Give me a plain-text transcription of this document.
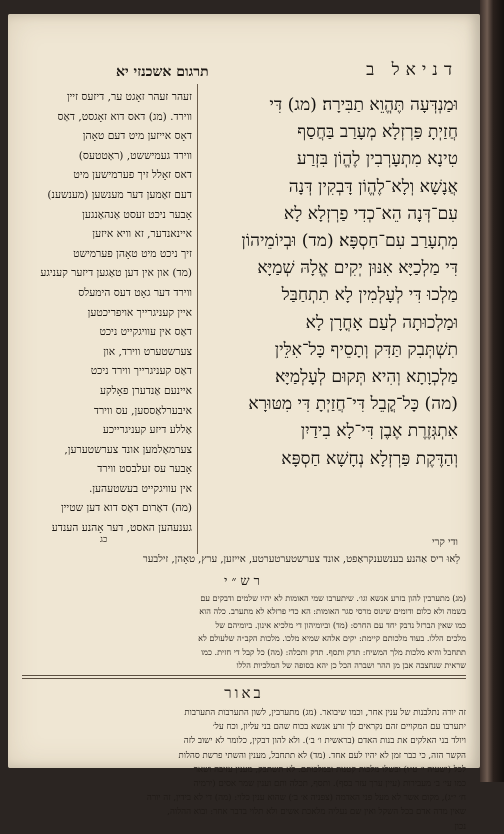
דניאל ב
תרגום אשכנזי יא
וּמַנְדְּעָה תֶּהֱוֵא תַבִּירָה׃ (מג) דִּי
חֲזַיְתָ פַּרְזְלָא מְעָרַב בַּחֲסַף
טִינָא מִתְעָרְבִין לֶהֱוֹן בִּזְרַע
אֲנָשָׁא וְלָא־לֶהֱוֹן דָּבְקִין דְּנָה
עִם־דְּנָה הֵא־כְדִי פַרְזְלָא לָא
מִתְעָרַב עִם־חַסְפָּא׃ (מד) וּבְיוֹמֵיהוֹן
דִּי מַלְכַיָּא אִנּוּן יְקִים אֱלָהּ שְׁמַיָּא
מַלְכוּ דִּי לְעָלְמִין לָא תִתְחַבַּל
וּמַלְכוּתָה לְעַם אָחֳרָן לָא
תִשְׁתְּבִק תַּדִּק וְתָסֵיף כָּל־אִלֵּין
מַלְכְוָתָא וְהִיא תְּקוּם לְעָלְמַיָּא׃
(מה) כָּל־קֳבֵל דִּי־חֲזַיְתָ דִּי מִטּוּרָא
אִתְגְּזֶרֶת אֶבֶן דִּי־לָא בִידַיִן
וְהַדֶּקֶת פַּרְזְלָא נְחָשָׁא חַסְפָּא
זעהר זעהר זאָגט ער, דיזעס זיין
ווירד. (מג) דאס דוא זאָגסט, דאַס
דאָס אייזען מיט דעם טאָהן
ווירד געמיששט, (ראַטטעס)
דאס זאָלל זיך פערמישען מיט
דעם זאַמען דער מענשען (מענשענ)
אָבער ניכט זעסט אַנהאַנגען
איינאנדער, זא וויא איזען
זיך ניכט מיט טאָהן פערמישט
(מד) און אין דען טאַגען דיזער קעניגע
ווירד דער גאָט דעס הימעלס
איין קעניגרייך אויפריכטען
דאַס אין עוויגקייט ניכט
צערשטערט ווירד, און
דאַס קעניגרייך ווירד ניכט
איינעם אַנדערן פאָלקע
איבערלאַססען, עס ווירד
אַללע דיזע קעניגרייכע
צערמאַלמען אונד צערשטערען,
אָבער עס זעלבסט ווירד
אין עוויגקייט בעשטעהען.
(מה) דאַרום דאַס דוא דען שטיין
גענעהען האסט, דער אָהנע הענדע
כג	ודי קרי
לֵאוּ ריס אַהנע בענשענקראַפט, אונד צערשטערטערטע, אייזען, ערץ, טאָהן, זילבער
רש״י
(מג) מתערבין להון בזרע אנשא וגו׳. שיתערבו שמי האומות לא יהיו שלמים ודבקים עם
בשמה ולא כלום ודומים שינוס מרסי סגר האומות: הא כדי פרזלא לא מתערב. כלה הוא
כמו שאין הברזל נדבק יחד עם החרס: (מד) וביומיהון די מלכיא אינון. ביומיהם של
מלכים הללו. בעוד מלכותם קיימת: יקים אלהא שמיא מלכו. מלכות הקב״ה שלעולם לא
תתחבל והיא מלכות מלך המשיח: תדק ותסף. תדק ותכלה: (מה) כל קבל די חזית. כמו
שראית שנחצבה אבן מן ההר ושברה הכל כן יהא בסופה של המלכיות הללו
באור
זה יורה נתלבנות של ענין אחר, וכמו שיבואר. (מג) מתערבין, לשון התערבות התערבות
יתערבו עם המקויים זהם נקראים לך זרע אנשא בכוח שהם בני עליון, וכח על׳
ויולד בני האלקים את בנות האדם (בראשית ו׳ ב׳). ולא להון דבקין, כלומר לא ישוב לזה
הקשר הזה, כי כבר זמן לא יהיו לעם אחד. (מד) לא תתחבל, מענין והשתי פרשת סהלות
לכל (ישעיה י׳ ט״ו) ובשלו מלכות קטנות ובמלכותם. לא תשתבק, מענין עזיבה ושאר
כמו עי׳ ב׳ מעבירות (עיין ערך עזר בסף). ותסף, תכלה ותם וענין שמר אסים (ירמיה
ח׳ י״ג), מקום אשר לא מעל פני האדמה (צפניה א׳ ב׳) שהוא ענין כלוי: (מה) די לא בידין, זה יורה
שאין מדה אדם בכל השקל ואין שם נעליה מלאכת אשים ולא תלוי בדבר אחר: ובוא ההלוה,
נכון
